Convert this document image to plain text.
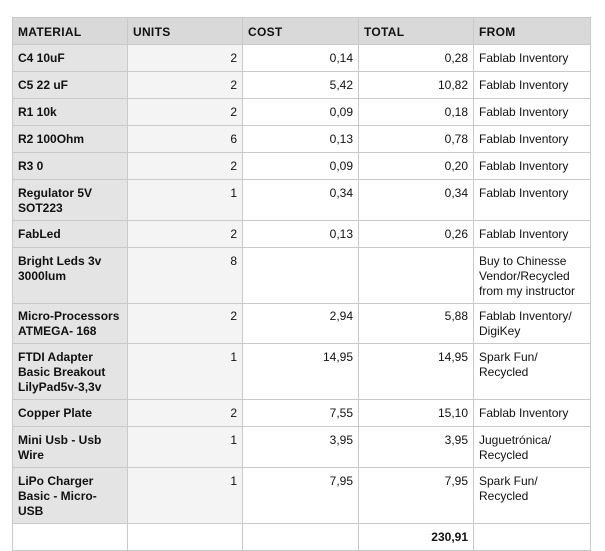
MATERIAL	UNITS	COST	TOTAL	FROM
C4 10uF	2	0,14	0,28	Fablab Inventory
C5 22 uF	2	5,42	10,82	Fablab Inventory
R1 10k	2	0,09	0,18	Fablab Inventory
R2 100Ohm	6	0,13	0,78	Fablab Inventory
R3 0	2	0,09	0,20	Fablab Inventory
Regulator 5V SOT223	1	0,34	0,34	Fablab Inventory
FabLed	2	0,13	0,26	Fablab Inventory
Bright Leds 3v 3000lum	8			Buy to Chinesse Vendor/Recycled from my instructor
Micro-Processors ATMEGA- 168	2	2,94	5,88	Fablab Inventory/ DigiKey
FTDI Adapter Basic Breakout LilyPad5v-3,3v	1	14,95	14,95	Spark Fun/ Recycled
Copper Plate	2	7,55	15,10	Fablab Inventory
Mini Usb - Usb Wire	1	3,95	3,95	Juguetrónica/ Recycled
LiPo Charger Basic - Micro-USB	1	7,95	7,95	Spark Fun/ Recycled
			230,91	
